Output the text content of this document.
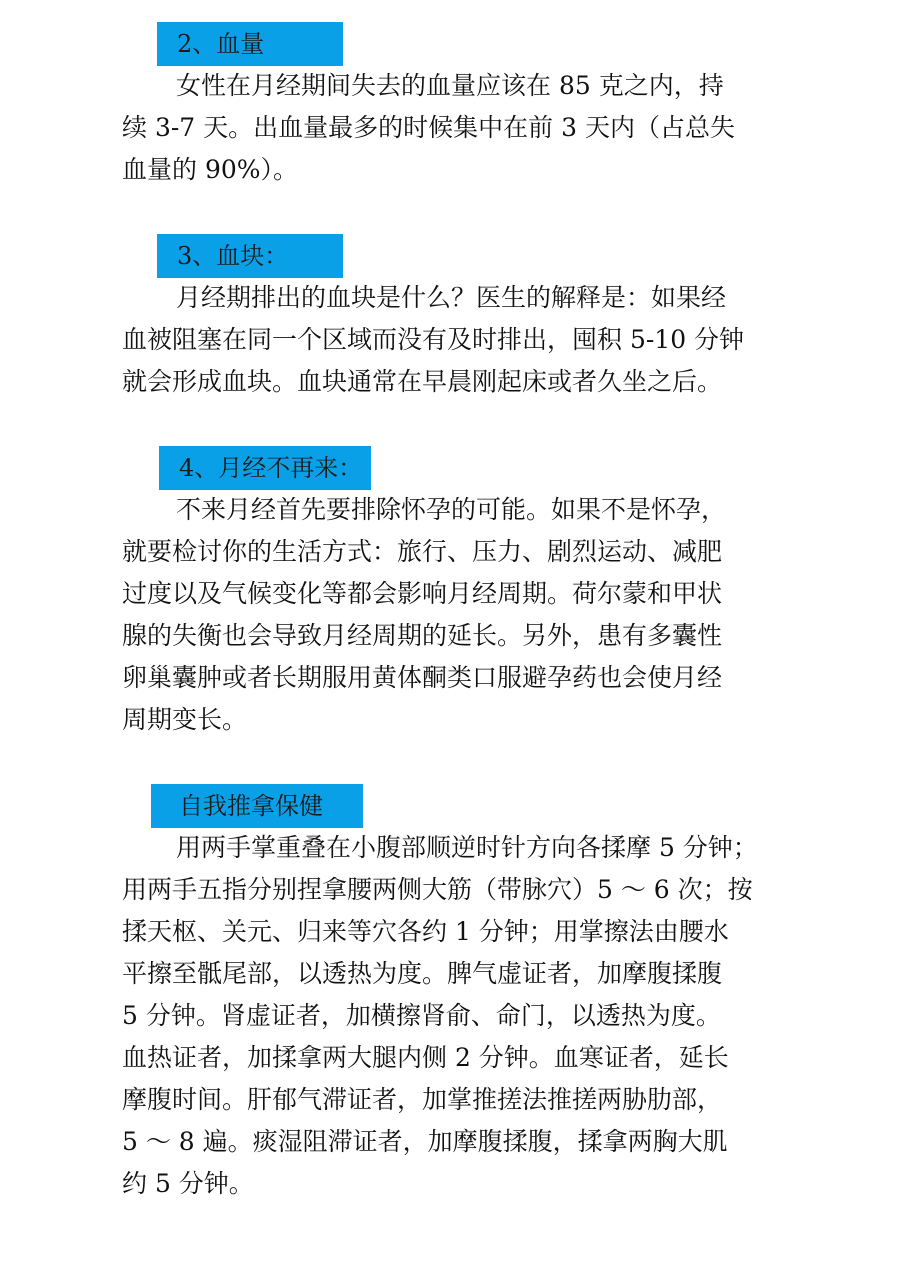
2、血量

女性在月经期间失去的血量应该在 85 克之内，持
续 3-7 天。出血量最多的时候集中在前 3 天内（占总失
血量的 90%）。

3、血块：

月经期排出的血块是什么？医生的解释是：如果经
血被阻塞在同一个区域而没有及时排出，囤积 5-10 分钟
就会形成血块。血块通常在早晨刚起床或者久坐之后。

4、月经不再来：

不来月经首先要排除怀孕的可能。如果不是怀孕，
就要检讨你的生活方式：旅行、压力、剧烈运动、减肥
过度以及气候变化等都会影响月经周期。荷尔蒙和甲状
腺的失衡也会导致月经周期的延长。另外，患有多囊性
卵巢囊肿或者长期服用黄体酮类口服避孕药也会使月经
周期变长。

自我推拿保健

用两手掌重叠在小腹部顺逆时针方向各揉摩 5 分钟；
用两手五指分别捏拿腰两侧大筋（带脉穴）5 ～ 6 次；按
揉天枢、关元、归来等穴各约 1 分钟；用掌擦法由腰水
平擦至骶尾部，以透热为度。脾气虚证者，加摩腹揉腹
5 分钟。肾虚证者，加横擦肾俞、命门，以透热为度。
血热证者，加揉拿两大腿内侧 2 分钟。血寒证者，延长
摩腹时间。肝郁气滞证者，加掌推搓法推搓两胁肋部，
5 ～ 8 遍。痰湿阻滞证者，加摩腹揉腹，揉拿两胸大肌
约 5 分钟。
